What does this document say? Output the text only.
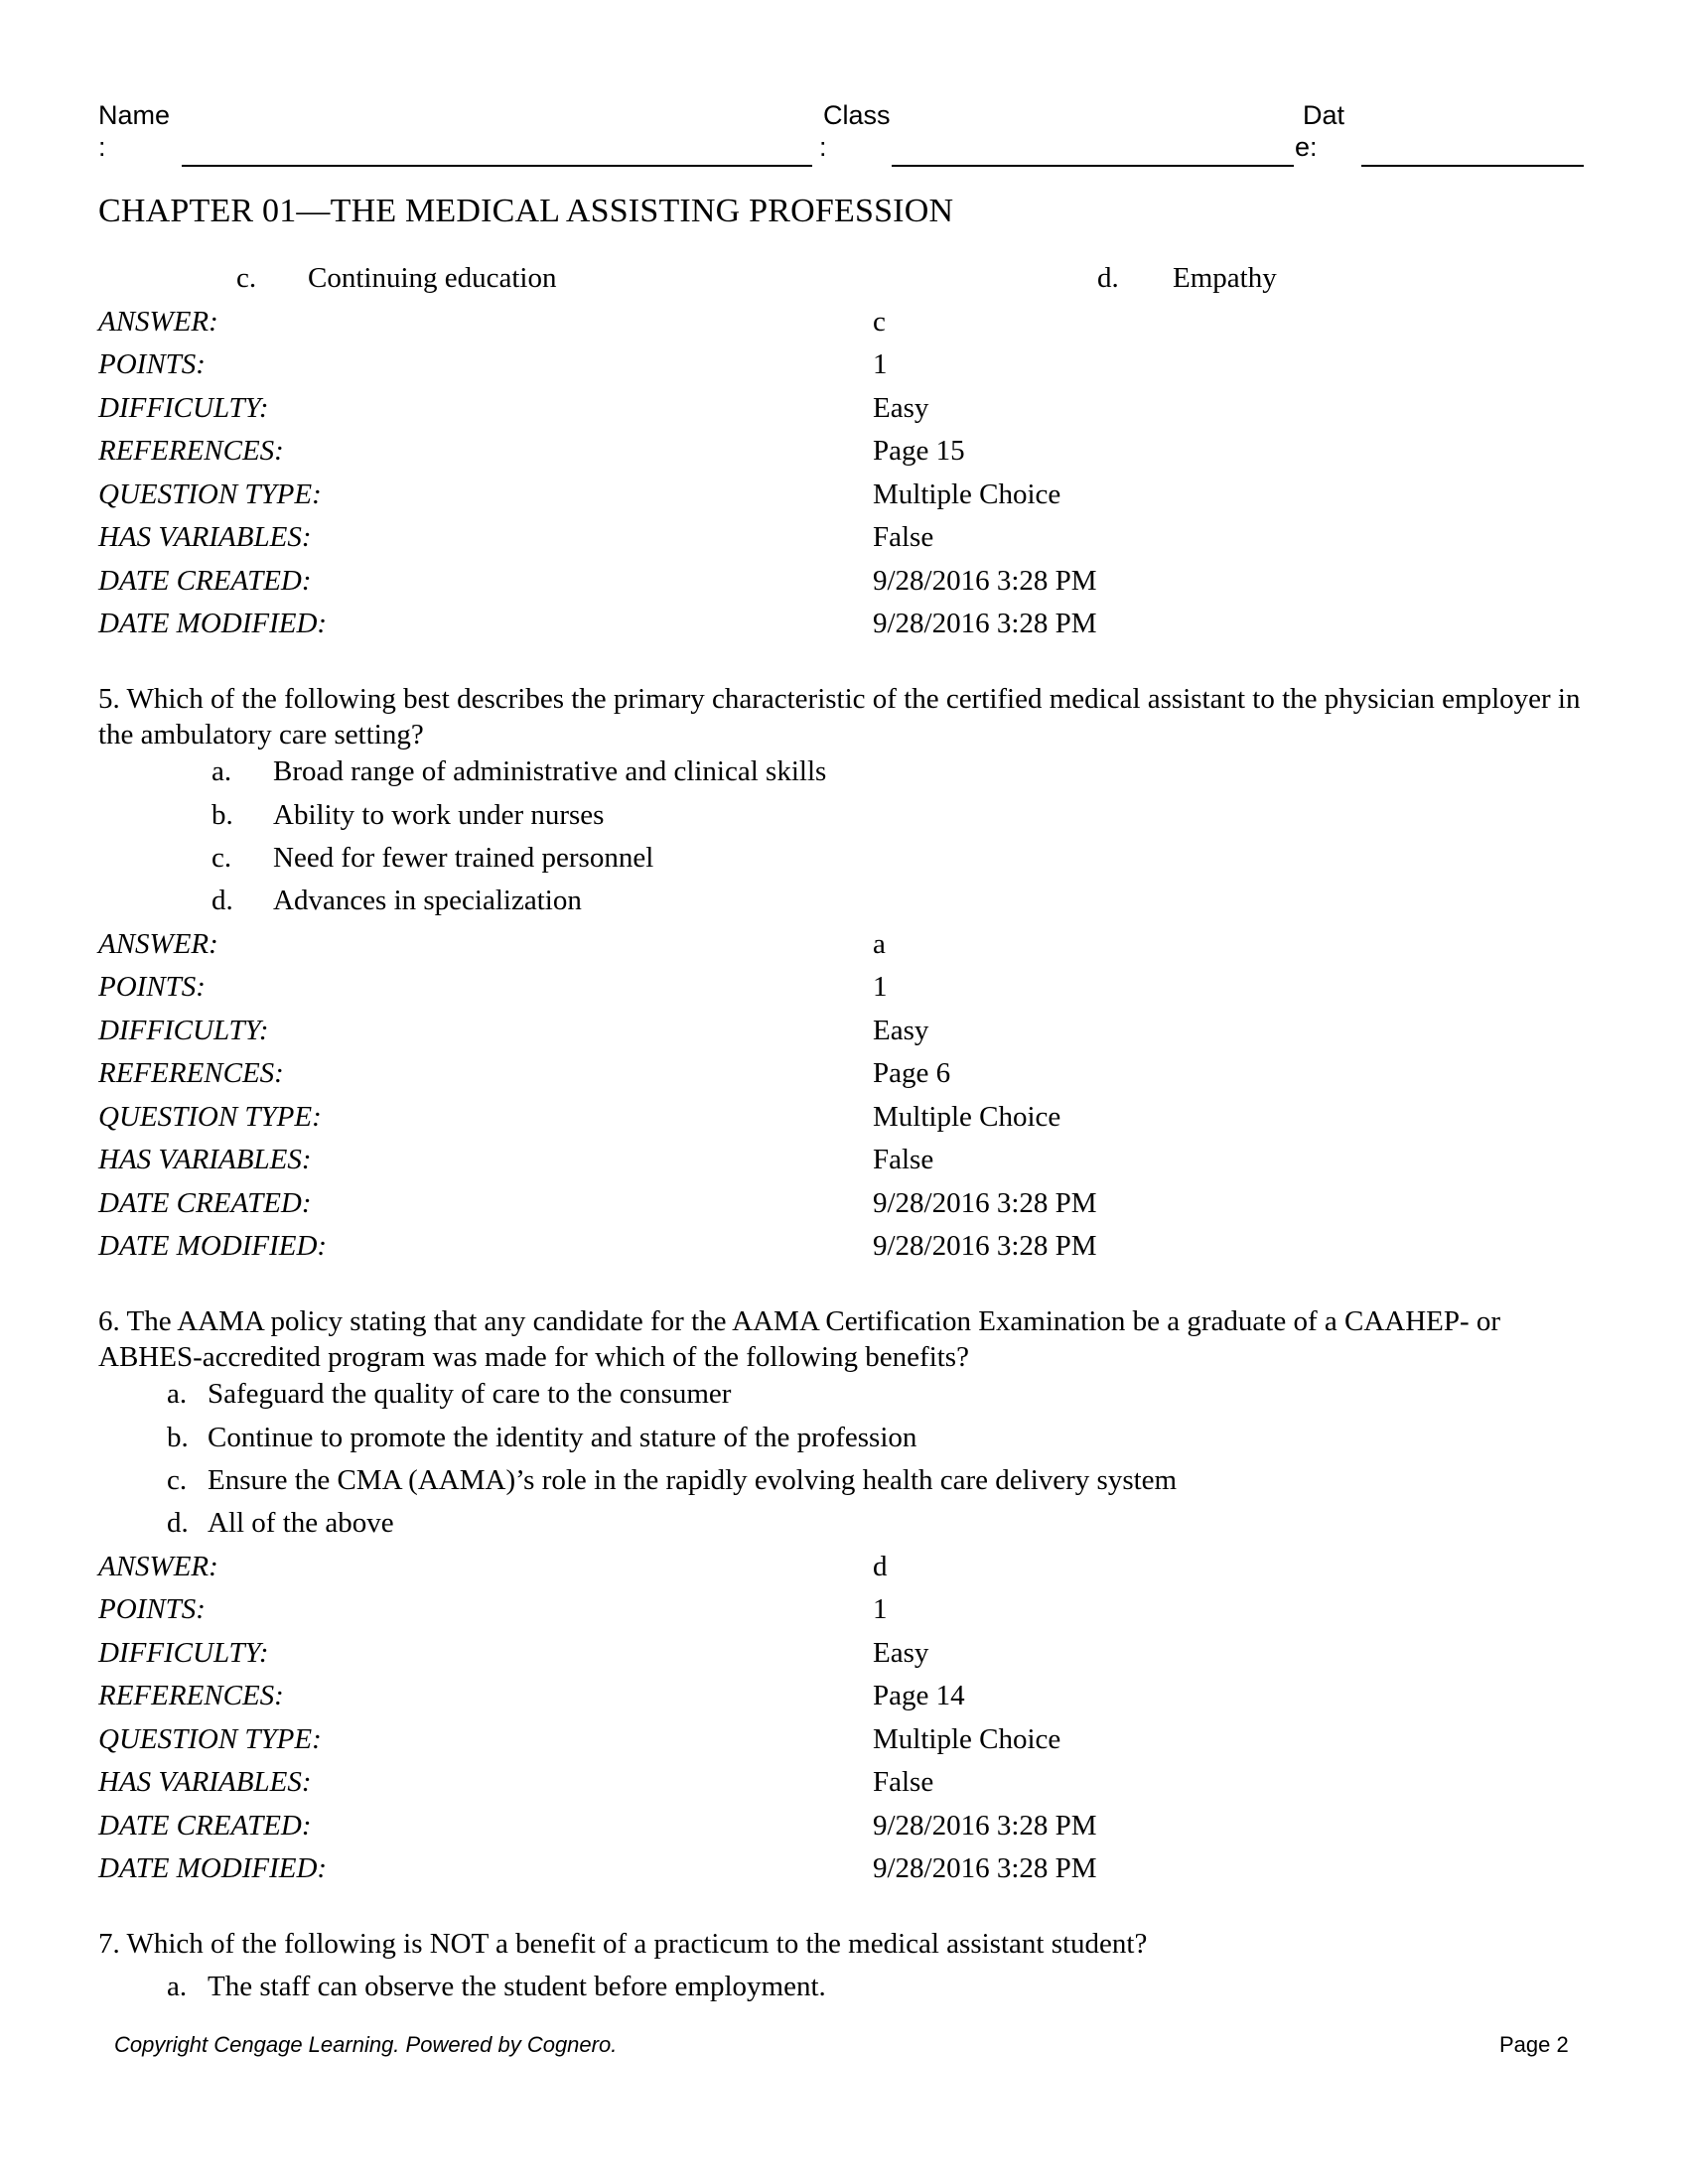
Name
:
Class
:
Dat
e:
CHAPTER 01—THE MEDICAL ASSISTING PROFESSION
c. Continuing education	d. Empathy
ANSWER:	c
POINTS:	1
DIFFICULTY:	Easy
REFERENCES:	Page 15
QUESTION TYPE:	Multiple Choice
HAS VARIABLES:	False
DATE CREATED:	9/28/2016 3:28 PM
DATE MODIFIED:	9/28/2016 3:28 PM
5. Which of the following best describes the primary characteristic of the certified medical assistant to the physician employer in the ambulatory care setting?
a. Broad range of administrative and clinical skills
b. Ability to work under nurses
c. Need for fewer trained personnel
d. Advances in specialization
ANSWER:	a
POINTS:	1
DIFFICULTY:	Easy
REFERENCES:	Page 6
QUESTION TYPE:	Multiple Choice
HAS VARIABLES:	False
DATE CREATED:	9/28/2016 3:28 PM
DATE MODIFIED:	9/28/2016 3:28 PM
6. The AAMA policy stating that any candidate for the AAMA Certification Examination be a graduate of a CAAHEP- or ABHES-accredited program was made for which of the following benefits?
a. Safeguard the quality of care to the consumer
b. Continue to promote the identity and stature of the profession
c. Ensure the CMA (AAMA)’s role in the rapidly evolving health care delivery system
d. All of the above
ANSWER:	d
POINTS:	1
DIFFICULTY:	Easy
REFERENCES:	Page 14
QUESTION TYPE:	Multiple Choice
HAS VARIABLES:	False
DATE CREATED:	9/28/2016 3:28 PM
DATE MODIFIED:	9/28/2016 3:28 PM
7. Which of the following is NOT a benefit of a practicum to the medical assistant student?
a. The staff can observe the student before employment.
Copyright Cengage Learning. Powered by Cognero.	Page 2
